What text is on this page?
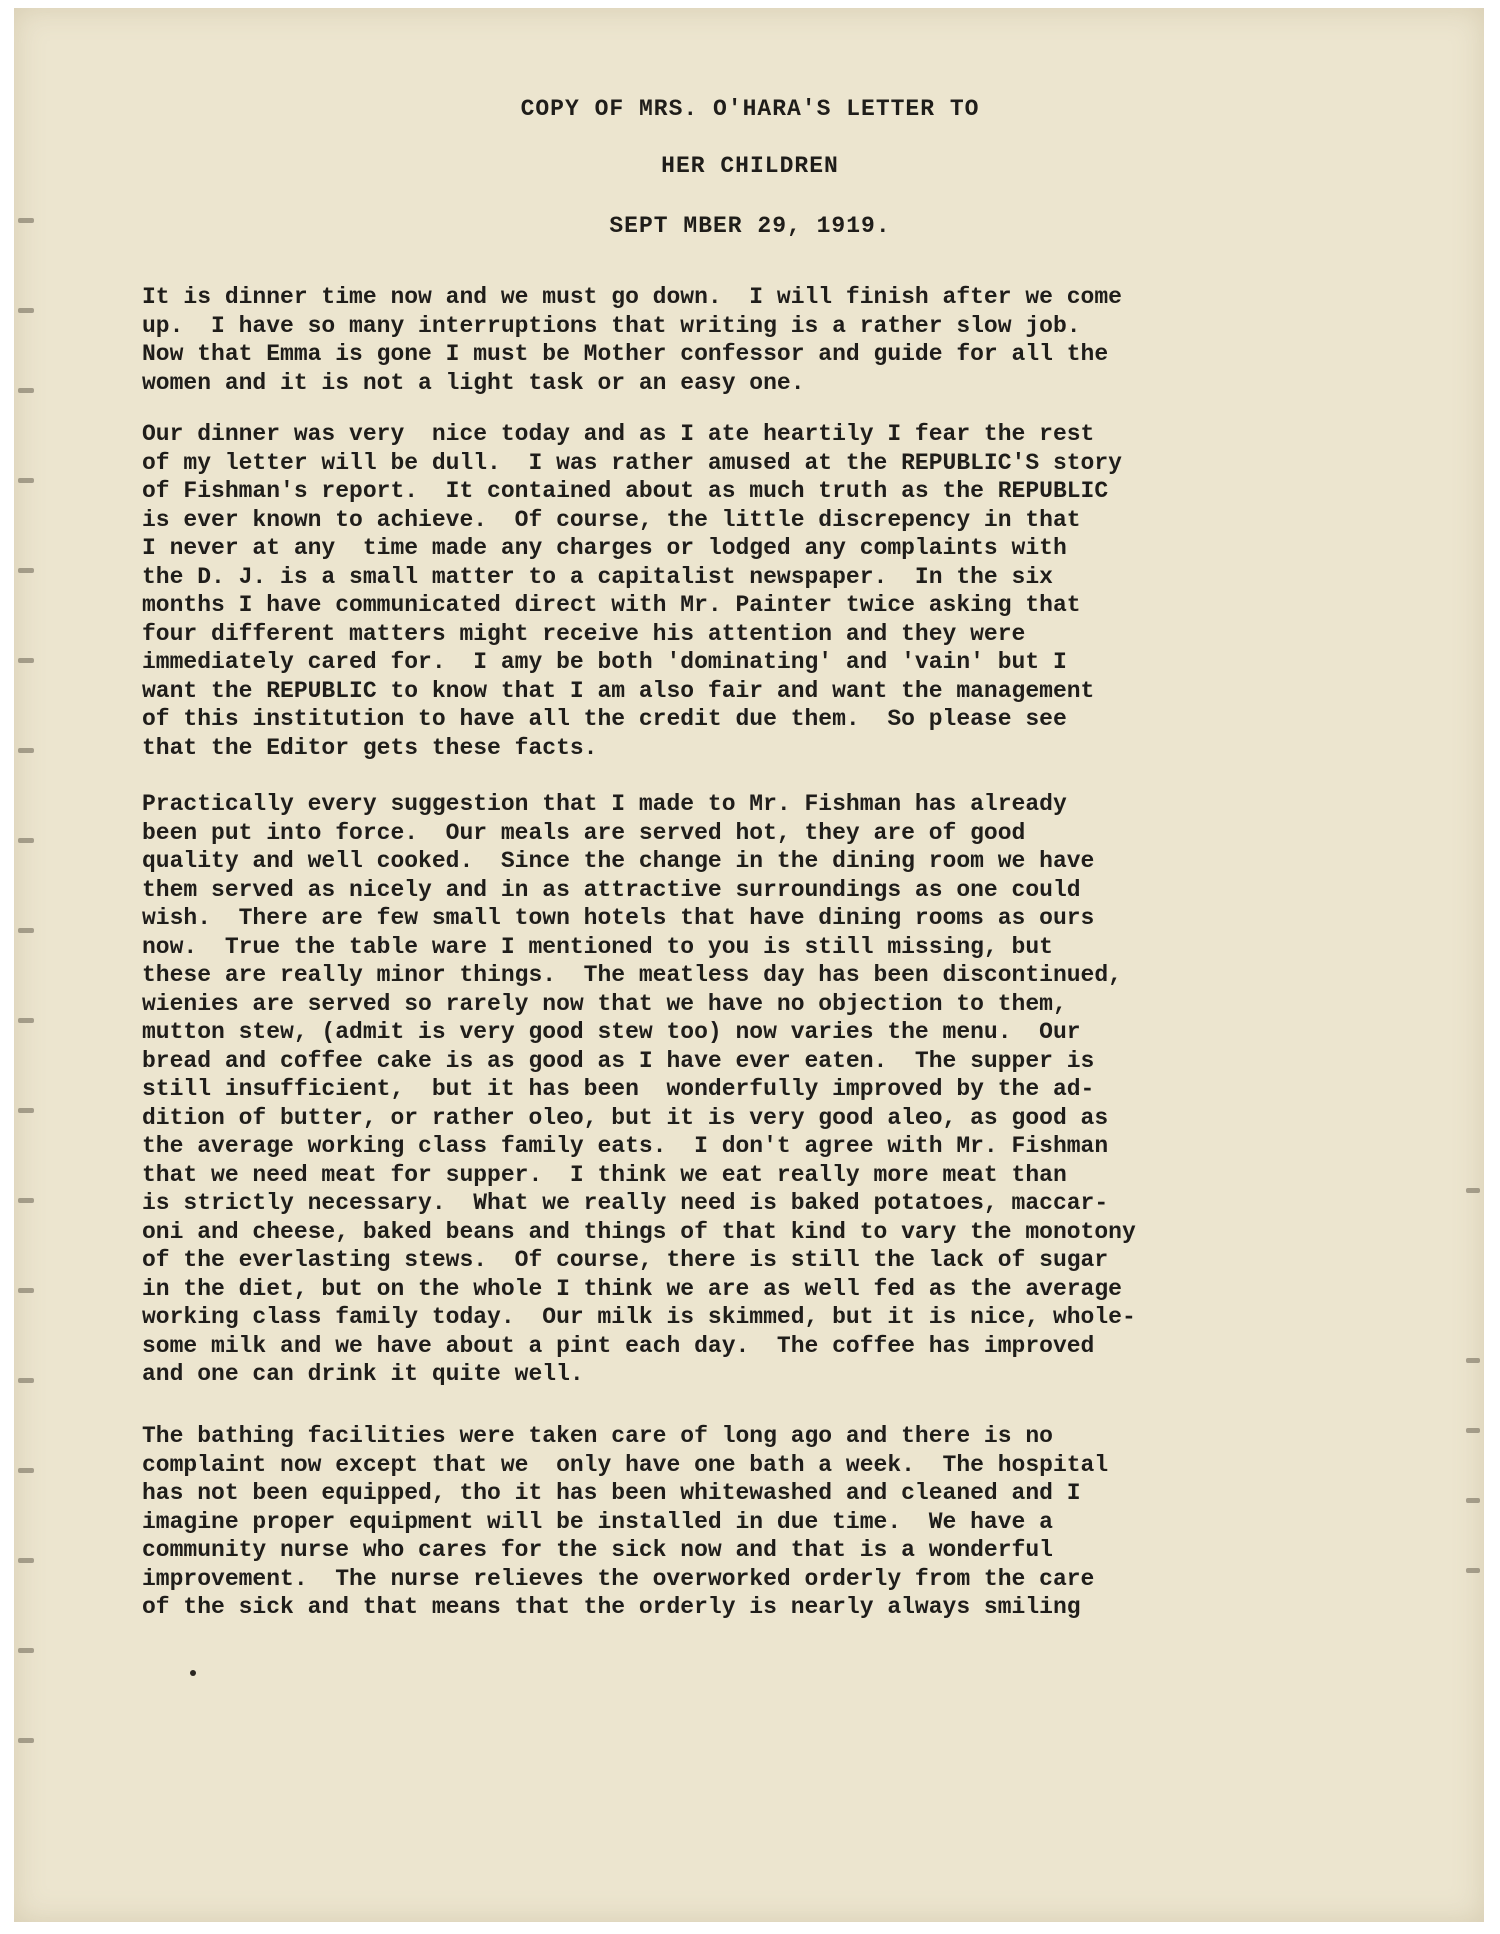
COPY OF MRS. O'HARA'S LETTER TO
HER CHILDREN
SEPT MBER 29, 1919.

It is dinner time now and we must go down.  I will finish after we come
up.  I have so many interruptions that writing is a rather slow job.
Now that Emma is gone I must be Mother confessor and guide for all the
women and it is not a light task or an easy one.

Our dinner was very  nice today and as I ate heartily I fear the rest
of my letter will be dull.  I was rather amused at the REPUBLIC'S story
of Fishman's report.  It contained about as much truth as the REPUBLIC
is ever known to achieve.  Of course, the little discrepency in that
I never at any  time made any charges or lodged any complaints with
the D. J. is a small matter to a capitalist newspaper.  In the six
months I have communicated direct with Mr. Painter twice asking that
four different matters might receive his attention and they were
immediately cared for.  I amy be both 'dominating' and 'vain' but I
want the REPUBLIC to know that I am also fair and want the management
of this institution to have all the credit due them.  So please see
that the Editor gets these facts.

Practically every suggestion that I made to Mr. Fishman has already
been put into force.  Our meals are served hot, they are of good
quality and well cooked.  Since the change in the dining room we have
them served as nicely and in as attractive surroundings as one could
wish.  There are few small town hotels that have dining rooms as ours
now.  True the table ware I mentioned to you is still missing, but
these are really minor things.  The meatless day has been discontinued,
wienies are served so rarely now that we have no objection to them,
mutton stew, (admit is very good stew too) now varies the menu.  Our
bread and coffee cake is as good as I have ever eaten.  The supper is
still insufficient,  but it has been  wonderfully improved by the ad-
dition of butter, or rather oleo, but it is very good aleo, as good as
the average working class family eats.  I don't agree with Mr. Fishman
that we need meat for supper.  I think we eat really more meat than
is strictly necessary.  What we really need is baked potatoes, maccar-
oni and cheese, baked beans and things of that kind to vary the monotony
of the everlasting stews.  Of course, there is still the lack of sugar
in the diet, but on the whole I think we are as well fed as the average
working class family today.  Our milk is skimmed, but it is nice, whole-
some milk and we have about a pint each day.  The coffee has improved
and one can drink it quite well.

The bathing facilities were taken care of long ago and there is no
complaint now except that we  only have one bath a week.  The hospital
has not been equipped, tho it has been whitewashed and cleaned and I
imagine proper equipment will be installed in due time.  We have a
community nurse who cares for the sick now and that is a wonderful
improvement.  The nurse relieves the overworked orderly from the care
of the sick and that means that the orderly is nearly always smiling
